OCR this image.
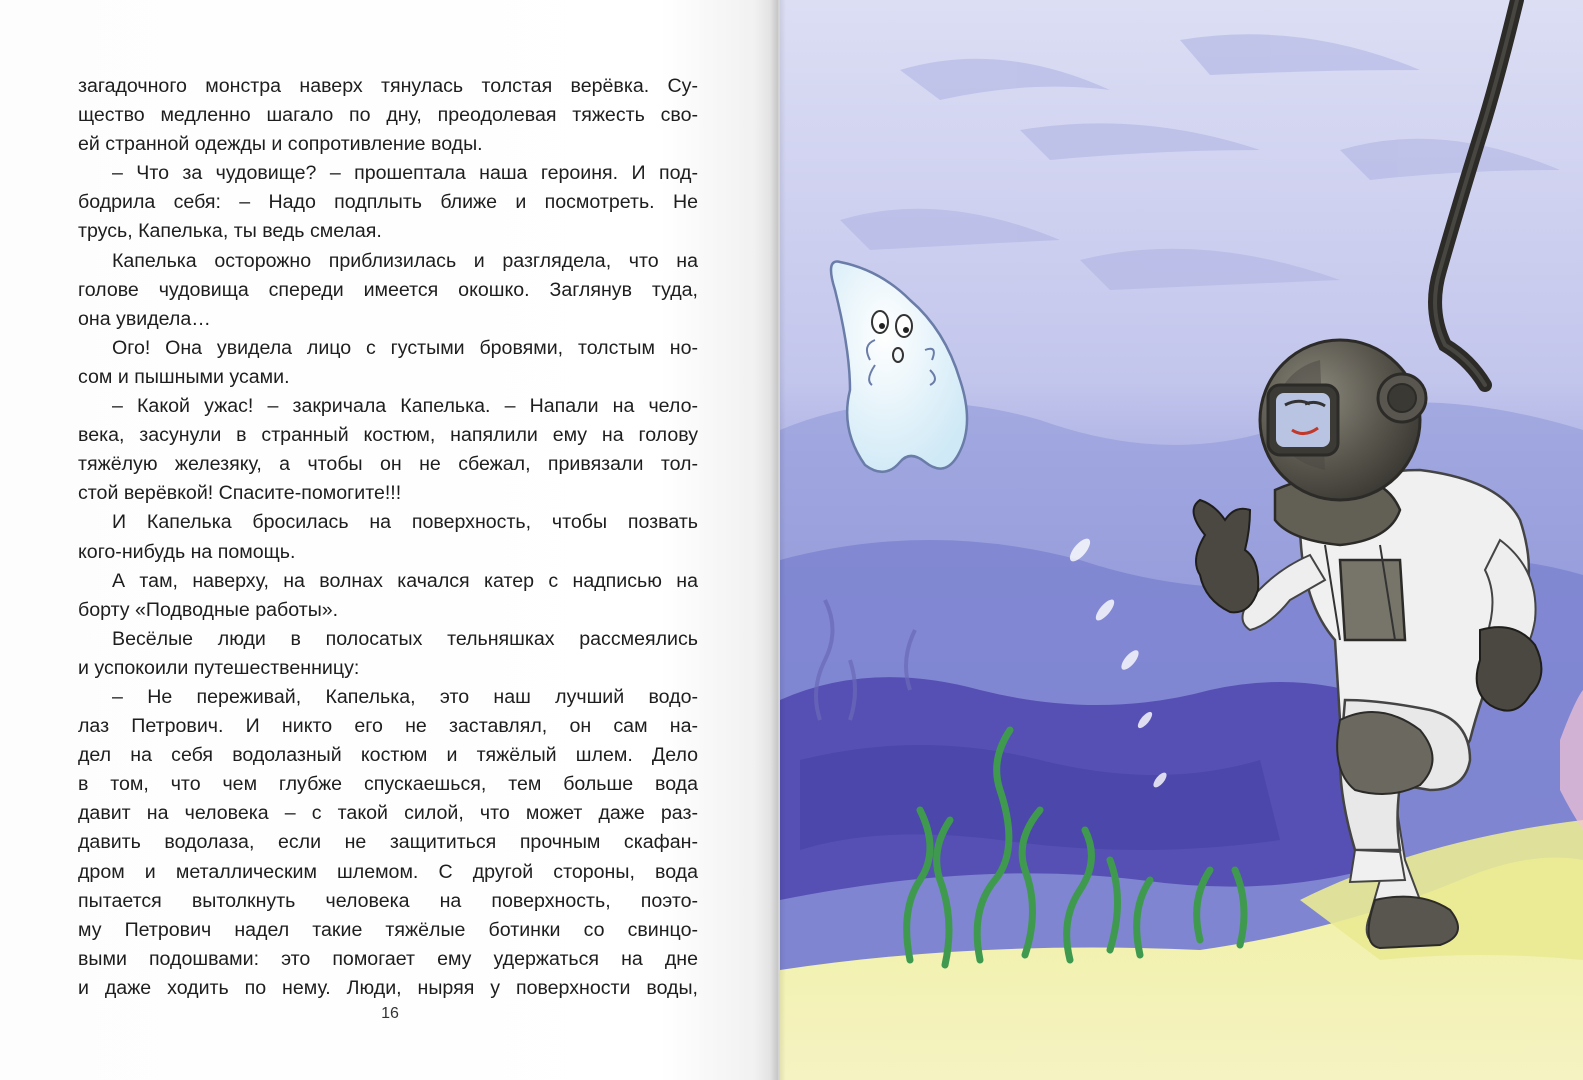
загадочного монстра наверх тянулась толстая верёвка. Су-
щество медленно шагало по дну, преодолевая тяжесть сво-
ей странной одежды и сопротивление воды.
– Что за чудовище? – прошептала наша героиня. И под-
бодрила себя: – Надо подплыть ближе и посмотреть. Не
трусь, Капелька, ты ведь смелая.
Капелька осторожно приблизилась и разглядела, что на
голове чудовища спереди имеется окошко. Заглянув туда,
она увидела…
Ого! Она увидела лицо с густыми бровями, толстым но-
сом и пышными усами.
– Какой ужас! – закричала Капелька. – Напали на чело-
века, засунули в странный костюм, напялили ему на голову
тяжёлую железяку, а чтобы он не сбежал, привязали тол-
стой верёвкой! Спасите-помогите!!!
И Капелька бросилась на поверхность, чтобы позвать
кого-нибудь на помощь.
А там, наверху, на волнах качался катер с надписью на
борту «Подводные работы».
Весёлые люди в полосатых тельняшках рассмеялись
и успокоили путешественницу:
– Не переживай, Капелька, это наш лучший водо-
лаз Петрович. И никто его не заставлял, он сам на-
дел на себя водолазный костюм и тяжёлый шлем. Дело
в том, что чем глубже спускаешься, тем больше вода
давит на человека – с такой силой, что может даже раз-
давить водолаза, если не защититься прочным скафан-
дром и металлическим шлемом. С другой стороны, вода
пытается вытолкнуть человека на поверхность, поэто-
му Петрович надел такие тяжёлые ботинки со свинцо-
выми подошвами: это помогает ему удержаться на дне
и даже ходить по нему. Люди, ныряя у поверхности воды,
16
